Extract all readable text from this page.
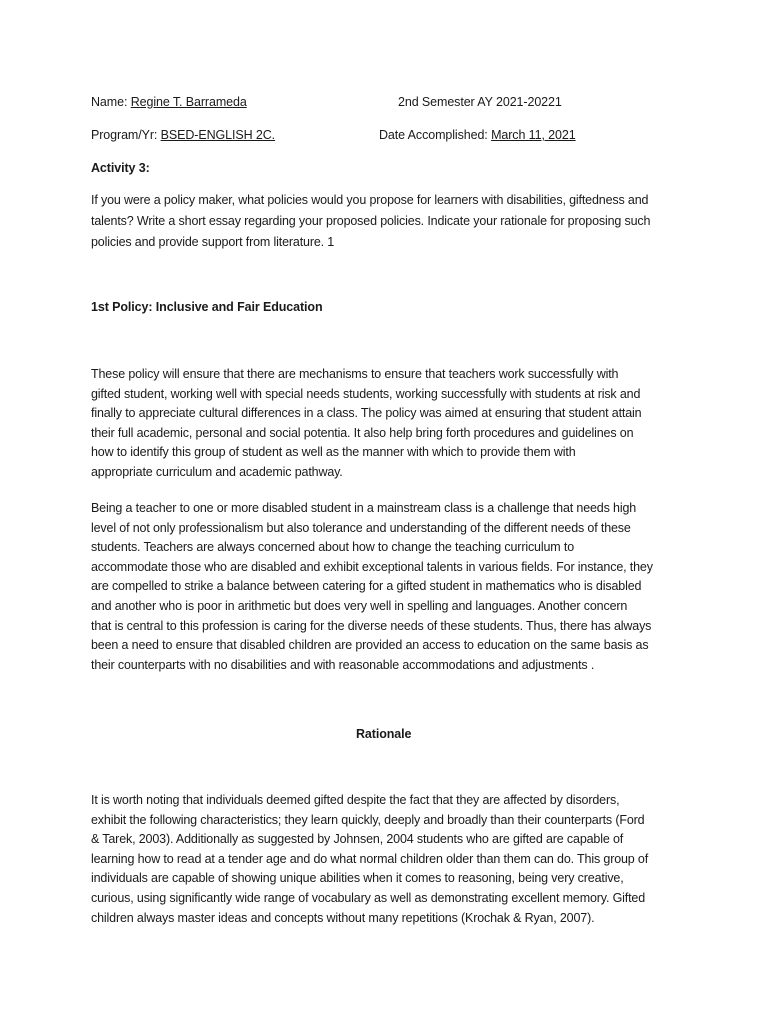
Name: Regine T. Barrameda	2nd Semester AY 2021-20221
Program/Yr: BSED-ENGLISH 2C.	Date Accomplished: March 11, 2021
Activity 3:
If you were a policy maker, what policies would you propose for learners with disabilities, giftedness and
talents? Write a short essay regarding your proposed policies. Indicate your rationale for proposing such
policies and provide support from literature. 1
1st Policy: Inclusive and Fair Education
These policy will ensure that there are mechanisms to ensure that teachers work successfully with
gifted student, working well with special needs students, working successfully with students at risk and
finally to appreciate cultural differences in a class. The policy was aimed at ensuring that student attain
their full academic, personal and social potentia. It also help bring forth procedures and guidelines on
how to identify this group of student as well as the manner with which to provide them with
appropriate curriculum and academic pathway.
Being a teacher to one or more disabled student in a mainstream class is a challenge that needs high
level of not only professionalism but also tolerance and understanding of the different needs of these
students. Teachers are always concerned about how to change the teaching curriculum to
accommodate those who are disabled and exhibit exceptional talents in various fields. For instance, they
are compelled to strike a balance between catering for a gifted student in mathematics who is disabled
and another who is poor in arithmetic but does very well in spelling and languages. Another concern
that is central to this profession is caring for the diverse needs of these students. Thus, there has always
been a need to ensure that disabled children are provided an access to education on the same basis as
their counterparts with no disabilities and with reasonable accommodations and adjustments .
Rationale
It is worth noting that individuals deemed gifted despite the fact that they are affected by disorders,
exhibit the following characteristics; they learn quickly, deeply and broadly than their counterparts (Ford
& Tarek, 2003). Additionally as suggested by Johnsen, 2004 students who are gifted are capable of
learning how to read at a tender age and do what normal children older than them can do. This group of
individuals are capable of showing unique abilities when it comes to reasoning, being very creative,
curious, using significantly wide range of vocabulary as well as demonstrating excellent memory. Gifted
children always master ideas and concepts without many repetitions (Krochak & Ryan, 2007).
